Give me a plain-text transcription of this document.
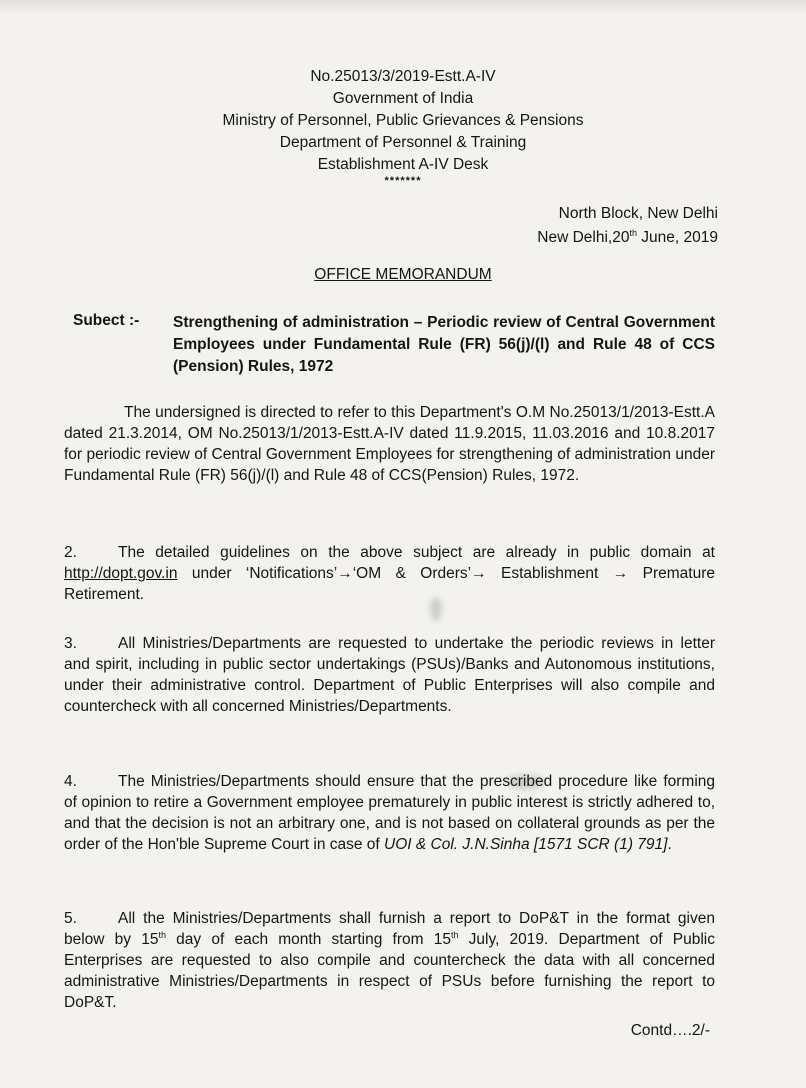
No.25013/3/2019-Estt.A-IV
Government of India
Ministry of Personnel, Public Grievances & Pensions
Department of Personnel & Training
Establishment A-IV Desk
*******
North Block, New Delhi
New Delhi,20th June, 2019
OFFICE MEMORANDUM
Subect :- Strengthening of administration – Periodic review of Central Government Employees under Fundamental Rule (FR) 56(j)/(l) and Rule 48 of CCS (Pension) Rules, 1972
The undersigned is directed to refer to this Department's O.M No.25013/1/2013-Estt.A dated 21.3.2014, OM No.25013/1/2013-Estt.A-IV dated 11.9.2015, 11.03.2016 and 10.8.2017 for periodic review of Central Government Employees for strengthening of administration under Fundamental Rule (FR) 56(j)/(l) and Rule 48 of CCS(Pension) Rules, 1972.
2.	The detailed guidelines on the above subject are already in public domain at http://dopt.gov.in under ‘Notifications’→‘OM & Orders’→ Establishment → Premature Retirement.
3.	All Ministries/Departments are requested to undertake the periodic reviews in letter and spirit, including in public sector undertakings (PSUs)/Banks and Autonomous institutions, under their administrative control. Department of Public Enterprises will also compile and countercheck with all concerned Ministries/Departments.
4.	The Ministries/Departments should ensure that the prescribed procedure like forming of opinion to retire a Government employee prematurely in public interest is strictly adhered to, and that the decision is not an arbitrary one, and is not based on collateral grounds as per the order of the Hon'ble Supreme Court in case of UOI & Col. J.N.Sinha [1571 SCR (1) 791].
5.	All the Ministries/Departments shall furnish a report to DoP&T in the format given below by 15th day of each month starting from 15th July, 2019. Department of Public Enterprises are requested to also compile and countercheck the data with all concerned administrative Ministries/Departments in respect of PSUs before furnishing the report to DoP&T.
Contd….2/-
